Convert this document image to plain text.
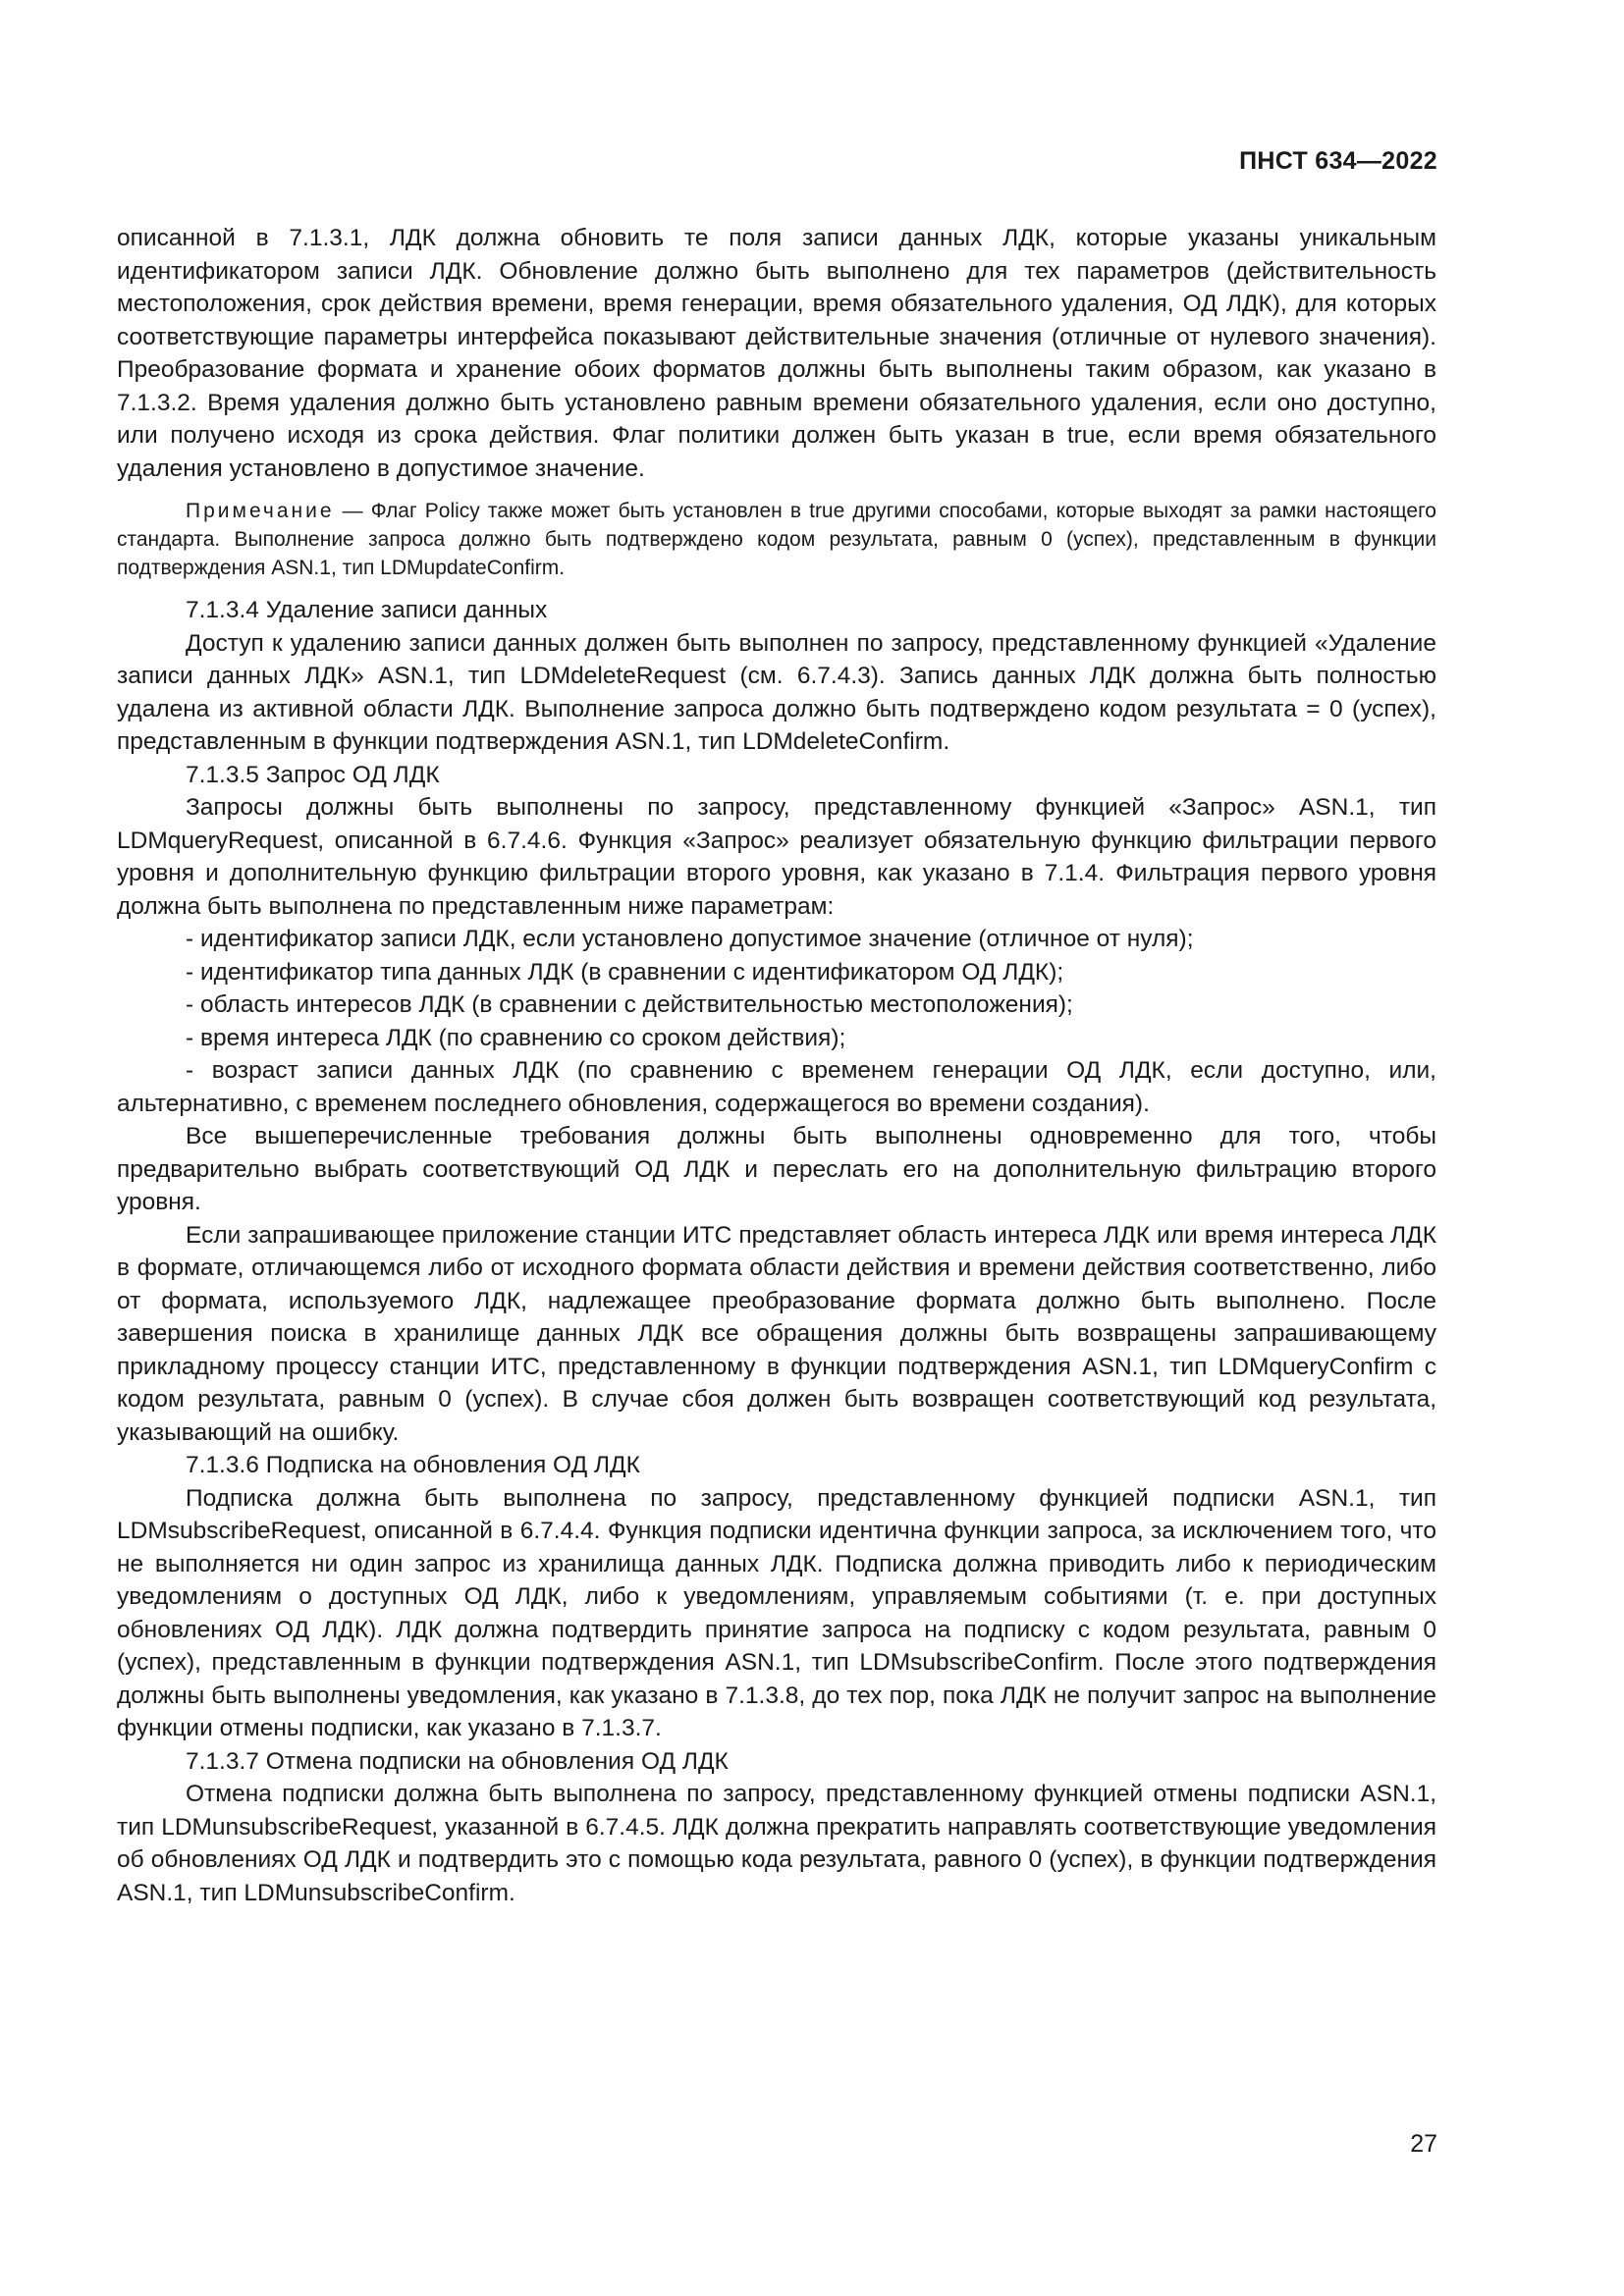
ПНСТ 634—2022

описанной в 7.1.3.1, ЛДК должна обновить те поля записи данных ЛДК, которые указаны уникальным идентификатором записи ЛДК. Обновление должно быть выполнено для тех параметров (действительность местоположения, срок действия времени, время генерации, время обязательного удаления, ОД ЛДК), для которых соответствующие параметры интерфейса показывают действительные значения (отличные от нулевого значения). Преобразование формата и хранение обоих форматов должны быть выполнены таким образом, как указано в 7.1.3.2. Время удаления должно быть установлено равным времени обязательного удаления, если оно доступно, или получено исходя из срока действия. Флаг политики должен быть указан в true, если время обязательного удаления установлено в допустимое значение.

Примечание — Флаг Policy также может быть установлен в true другими способами, которые выходят за рамки настоящего стандарта. Выполнение запроса должно быть подтверждено кодом результата, равным 0 (успех), представленным в функции подтверждения ASN.1, тип LDMupdateConfirm.

7.1.3.4 Удаление записи данных

Доступ к удалению записи данных должен быть выполнен по запросу, представленному функцией «Удаление записи данных ЛДК» ASN.1, тип LDMdeleteRequest (см. 6.7.4.3). Запись данных ЛДК должна быть полностью удалена из активной области ЛДК. Выполнение запроса должно быть подтверждено кодом результата = 0 (успех), представленным в функции подтверждения ASN.1, тип LDMdeleteConfirm.

7.1.3.5 Запрос ОД ЛДК

Запросы должны быть выполнены по запросу, представленному функцией «Запрос» ASN.1, тип LDMqueryRequest, описанной в 6.7.4.6. Функция «Запрос» реализует обязательную функцию фильтрации первого уровня и дополнительную функцию фильтрации второго уровня, как указано в 7.1.4. Фильтрация первого уровня должна быть выполнена по представленным ниже параметрам:

- идентификатор записи ЛДК, если установлено допустимое значение (отличное от нуля);

- идентификатор типа данных ЛДК (в сравнении с идентификатором ОД ЛДК);

- область интересов ЛДК (в сравнении с действительностью местоположения);

- время интереса ЛДК (по сравнению со сроком действия);

- возраст записи данных ЛДК (по сравнению с временем генерации ОД ЛДК, если доступно, или, альтернативно, с временем последнего обновления, содержащегося во времени создания).

Все вышеперечисленные требования должны быть выполнены одновременно для того, чтобы предварительно выбрать соответствующий ОД ЛДК и переслать его на дополнительную фильтрацию второго уровня.

Если запрашивающее приложение станции ИТС представляет область интереса ЛДК или время интереса ЛДК в формате, отличающемся либо от исходного формата области действия и времени действия соответственно, либо от формата, используемого ЛДК, надлежащее преобразование формата должно быть выполнено. После завершения поиска в хранилище данных ЛДК все обращения должны быть возвращены запрашивающему прикладному процессу станции ИТС, представленному в функции подтверждения ASN.1, тип LDMqueryConfirm с кодом результата, равным 0 (успех). В случае сбоя должен быть возвращен соответствующий код результата, указывающий на ошибку.

7.1.3.6 Подписка на обновления ОД ЛДК

Подписка должна быть выполнена по запросу, представленному функцией подписки ASN.1, тип LDMsubscribeRequest, описанной в 6.7.4.4. Функция подписки идентична функции запроса, за исключением того, что не выполняется ни один запрос из хранилища данных ЛДК. Подписка должна приводить либо к периодическим уведомлениям о доступных ОД ЛДК, либо к уведомлениям, управляемым событиями (т. е. при доступных обновлениях ОД ЛДК). ЛДК должна подтвердить принятие запроса на подписку с кодом результата, равным 0 (успех), представленным в функции подтверждения ASN.1, тип LDMsubscribeConfirm. После этого подтверждения должны быть выполнены уведомления, как указано в 7.1.3.8, до тех пор, пока ЛДК не получит запрос на выполнение функции отмены подписки, как указано в 7.1.3.7.

7.1.3.7 Отмена подписки на обновления ОД ЛДК

Отмена подписки должна быть выполнена по запросу, представленному функцией отмены подписки ASN.1, тип LDMunsubscribeRequest, указанной в 6.7.4.5. ЛДК должна прекратить направлять соответствующие уведомления об обновлениях ОД ЛДК и подтвердить это с помощью кода результата, равного 0 (успех), в функции подтверждения ASN.1, тип LDMunsubscribeConfirm.

27
